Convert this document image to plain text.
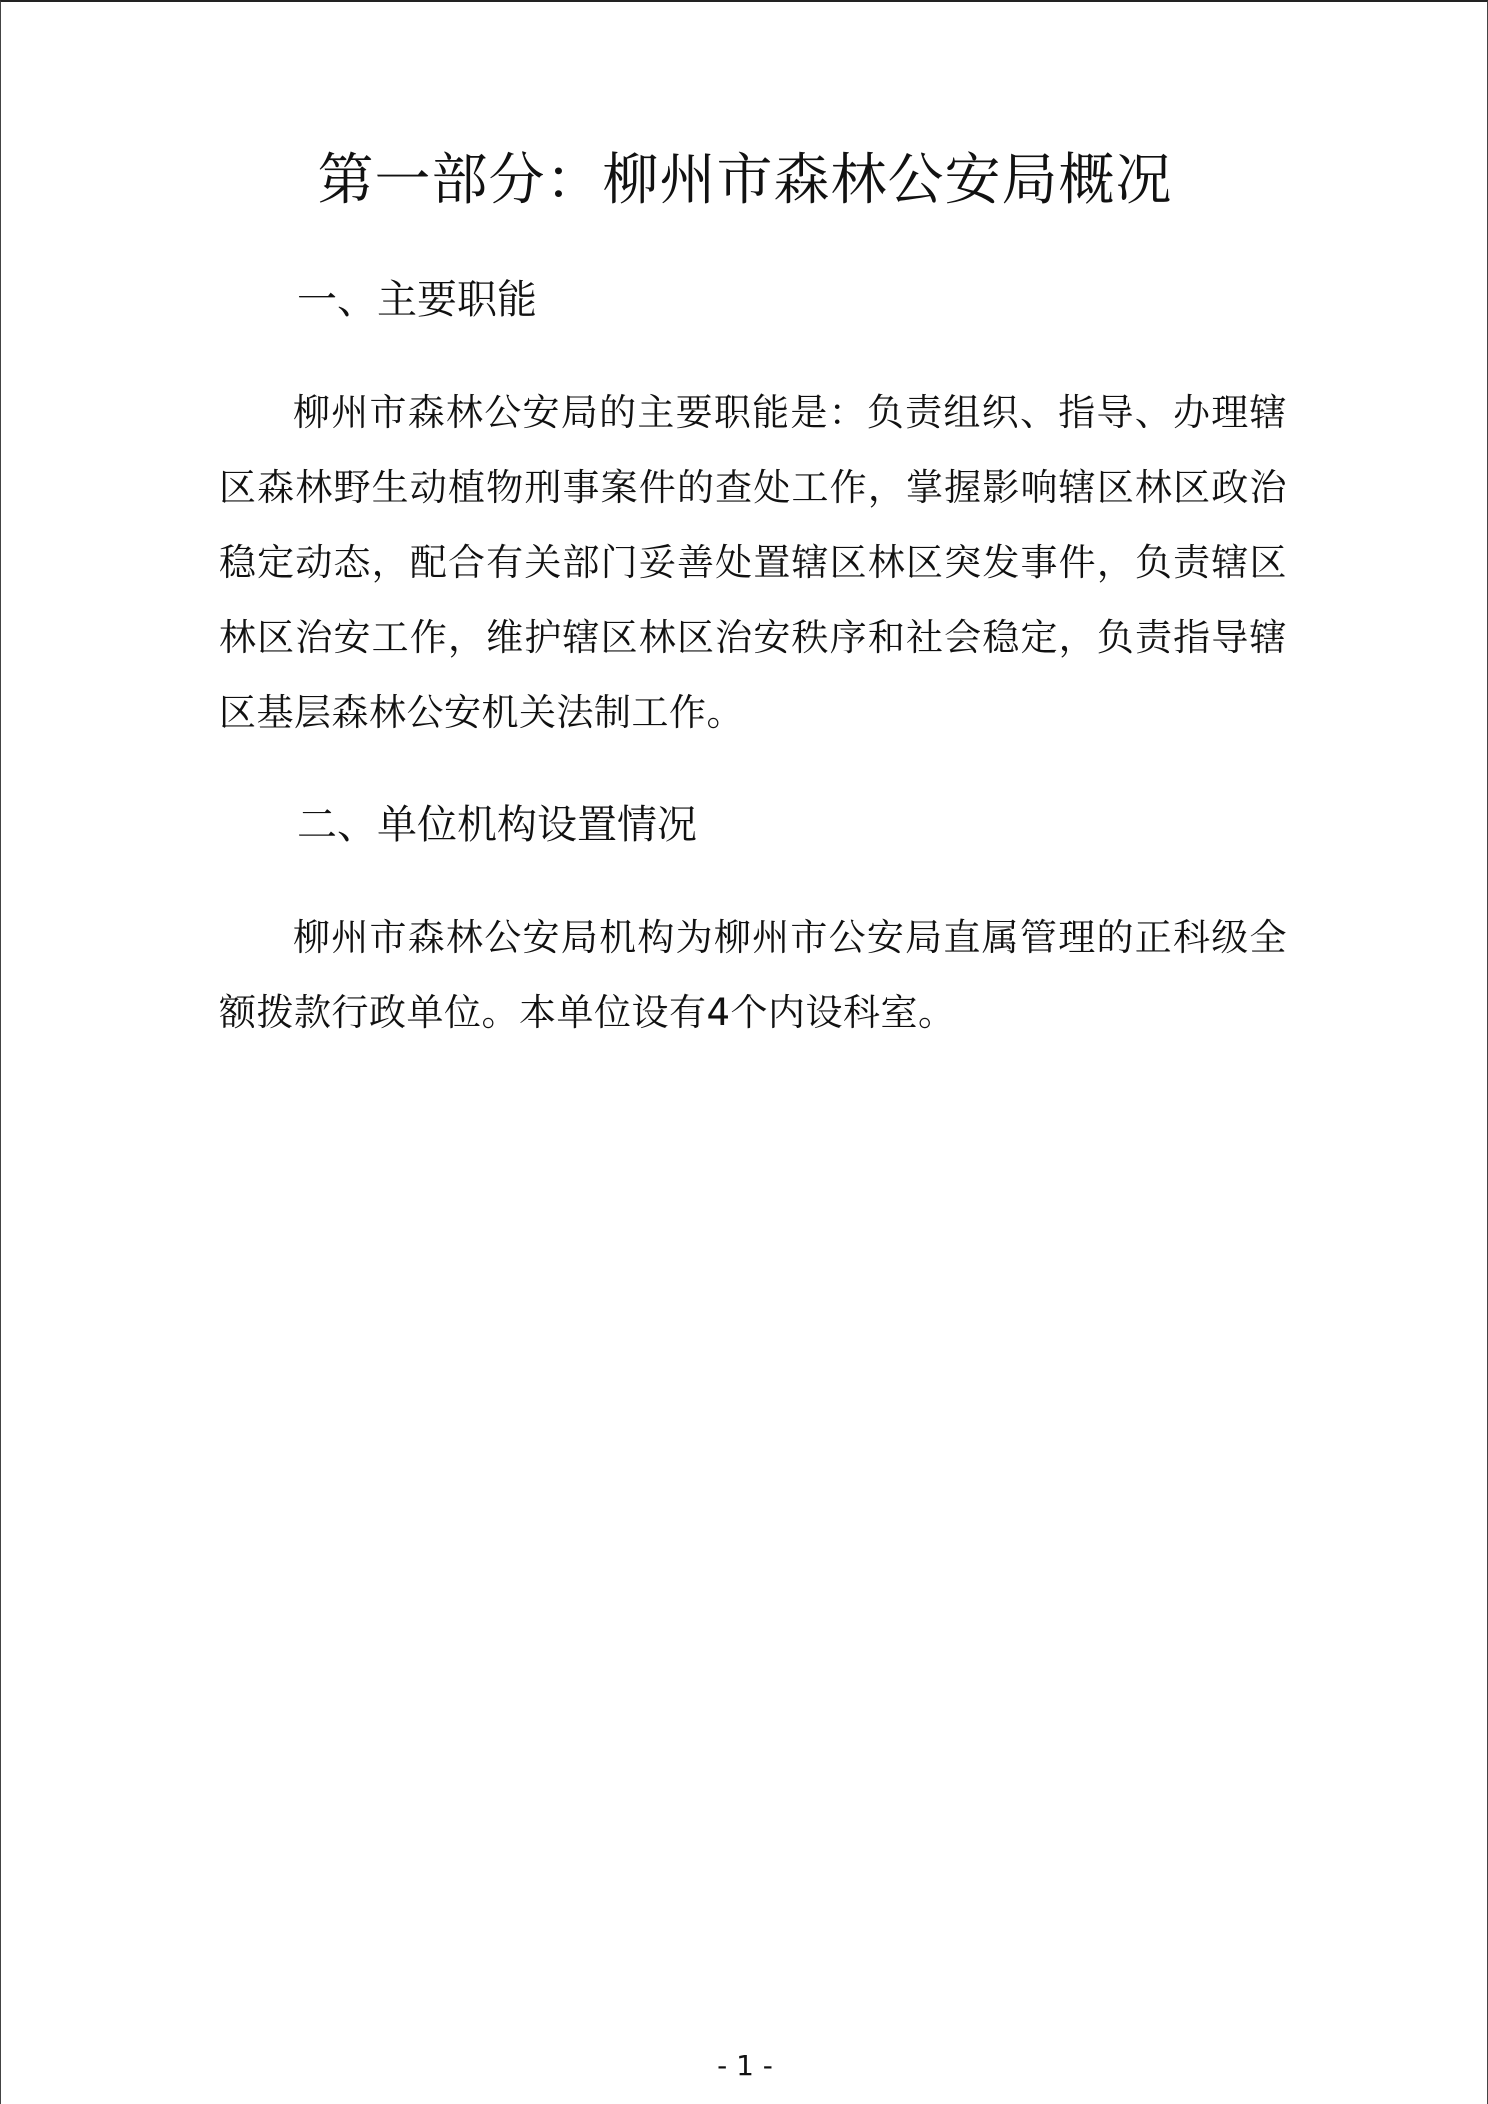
第一部分：柳州市森林公安局概况
一、主要职能

柳州市森林公安局的主要职能是：负责组织、指导、办理辖区森林野生动植物刑事案件的查处工作，掌握影响辖区林区政治稳定动态，配合有关部门妥善处置辖区林区突发事件，负责辖区林区治安工作，维护辖区林区治安秩序和社会稳定，负责指导辖区基层森林公安机关法制工作。

二、单位机构设置情况

柳州市森林公安局机构为柳州市公安局直属管理的正科级全额拨款行政单位。本单位设有4个内设科室。

- 1 -
